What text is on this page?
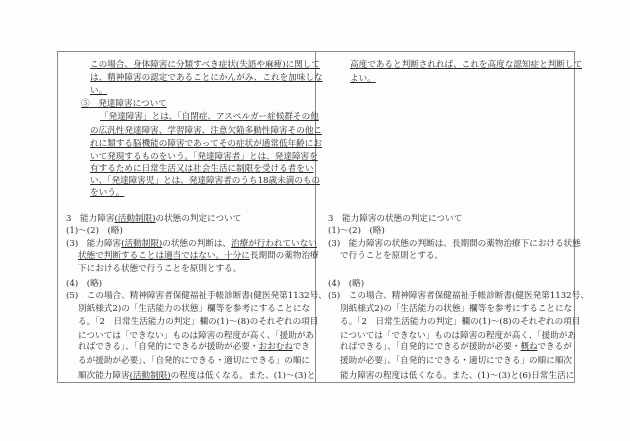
この場合、身体障害に分類すべき症状(失語や麻痺)に関して
は、精神障害の認定であることにかんがみ、これを加味しな
い。
⑤　発達障害について
「発達障害」とは、「自閉症、アスペルガー症候群その他
の広汎性発達障害、学習障害、注意欠陥多動性障害その他こ
れに類する脳機能の障害であってその症状が通常低年齢にお
いて発現するものをいう。「発達障害者」とは、発達障害を
有するために日常生活又は社会生活に制限を受ける者をい
い、「発達障害児」とは、発達障害者のうち18歳未満のもの
をいう。
3　能力障害(活動制限)の状態の判定について
(1)～(2)　(略)
(3)　能力障害(活動制限)の状態の判断は、治療が行われていない
状態で判断することは適当ではない。十分に長期間の薬物治療
下における状態で行うことを原則とする。
(4)　(略)
(5)　この場合、精神障害者保健福祉手帳診断書(健医発第1132号、
別紙様式2)の「生活能力の状態」欄等を参考にすることにな
る。「2　日常生活能力の判定」欄の(1)～(8)のそれぞれの項目
については「できない」ものは障害の程度が高く、「援助があ
ればできる」、「自発的にできるが援助が必要・おおむねでき
るが援助が必要」、「自発的にできる・適切にできる」の順に
順次能力障害(活動制限)の程度は低くなる。また、(1)～(3)と
高度であると判断されれば、これを高度な認知症と判断して
よい。
3　能力障害の状態の判定について
(1)～(2)　(略)
(3)　能力障害の状態の判断は、長期間の薬物治療下における状態
で行うことを原則とする。
(4)　(略)
(5)　この場合、精神障害者保健福祉手帳診断書(健医発第1132号、
別紙様式2)の「生活能力の状態」欄等を参考にすることにな
る。「2　日常生活能力の判定」欄の(1)～(8)のそれぞれの項目
については「できない」ものは障害の程度が高く、「援助があ
ればできる」、「自発的にできるが援助が必要・概ねできるが
援助が必要」、「自発的にできる・適切にできる」の順に順次
能力障害の程度は低くなる。また、(1)～(3)と(6)日常生活に
